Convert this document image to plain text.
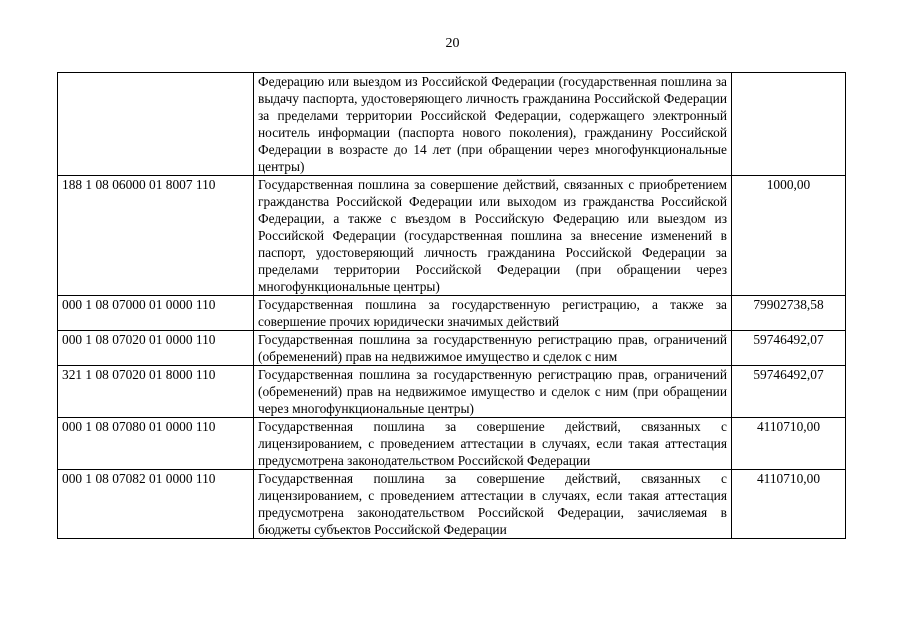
20
	Федерацию или выездом из Российской Федерации (государственная пошлина за выдачу паспорта, удостоверяющего личность гражданина Российской Федерации за пределами территории Российской Федерации, содержащего электронный носитель информации (паспорта нового поколения), гражданину Российской Федерации в возрасте до 14 лет (при обращении через многофункциональные центры)	
188 1 08 06000 01 8007 110	Государственная пошлина за совершение действий, связанных с приобретением гражданства Российской Федерации или выходом из гражданства Российской Федерации, а также с въездом в Российскую Федерацию или выездом из Российской Федерации (государственная пошлина за внесение изменений в паспорт, удостоверяющий личность гражданина Российской Федерации за пределами территории Российской Федерации (при обращении через многофункциональные центры)	1000,00
000 1 08 07000 01 0000 110	Государственная пошлина за государственную регистрацию, а также за совершение прочих юридически значимых действий	79902738,58
000 1 08 07020 01 0000 110	Государственная пошлина за государственную регистрацию прав, ограничений (обременений) прав на недвижимое имущество и сделок с ним	59746492,07
321 1 08 07020 01 8000 110	Государственная пошлина за государственную регистрацию прав, ограничений (обременений) прав на недвижимое имущество и сделок с ним (при обращении через многофункциональные центры)	59746492,07
000 1 08 07080 01 0000 110	Государственная пошлина за совершение действий, связанных с лицензированием, с проведением аттестации в случаях, если такая аттестация предусмотрена законодательством Российской Федерации	4110710,00
000 1 08 07082 01 0000 110	Государственная пошлина за совершение действий, связанных с лицензированием, с проведением аттестации в случаях, если такая аттестация предусмотрена законодательством Российской Федерации, зачисляемая в бюджеты субъектов Российской Федерации	4110710,00
